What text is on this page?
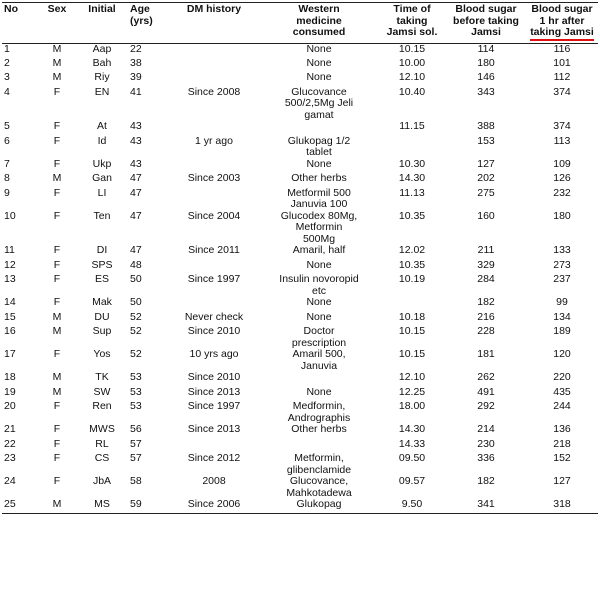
No	Sex	Initial	Age
(yrs)	DM history	Western
medicine
consumed	Time of
taking
Jamsi sol.	Blood sugar
before taking
Jamsi	Blood sugar
1 hr after
taking Jamsi
1	M	Aap	22		None	10.15	114	116
2	M	Bah	38		None	10.00	180	101
3	M	Riy	39		None	12.10	146	112
4	F	EN	41	Since 2008	Glucovance
500/2,5Mg Jeli
gamat	10.40	343	374
5	F	At	43			11.15	388	374
6	F	Id	43	1 yr ago	Glukopag 1/2
tablet		153	113
7	F	Ukp	43		None	10.30	127	109
8	M	Gan	47	Since 2003	Other herbs	14.30	202	126
9	F	LI	47		Metformil 500
Januvia 100	11.13	275	232
10	F	Ten	47	Since 2004	Glucodex 80Mg,
Metformin
500Mg	10.35	160	180
11	F	DI	47	Since 2011	Amaril, half	12.02	211	133
12	F	SPS	48		None	10.35	329	273
13	F	ES	50	Since 1997	Insulin novoropid
etc	10.19	284	237
14	F	Mak	50		None		182	99
15	M	DU	52	Never check	None	10.18	216	134
16	M	Sup	52	Since 2010	Doctor
prescription	10.15	228	189
17	F	Yos	52	10 yrs ago	Amaril 500,
Januvia	10.15	181	120
18	M	TK	53	Since 2010		12.10	262	220
19	M	SW	53	Since 2013	None	12.25	491	435
20	F	Ren	53	Since 1997	Medformin,
Andrographis	18.00	292	244
21	F	MWS	56	Since 2013	Other herbs	14.30	214	136
22	F	RL	57			14.33	230	218
23	F	CS	57	Since 2012	Metformin,
glibenclamide	09.50	336	152
24	F	JbA	58	2008	Glucovance,
Mahkotadewa	09.57	182	127
25	M	MS	59	Since 2006	Glukopag	9.50	341	318
